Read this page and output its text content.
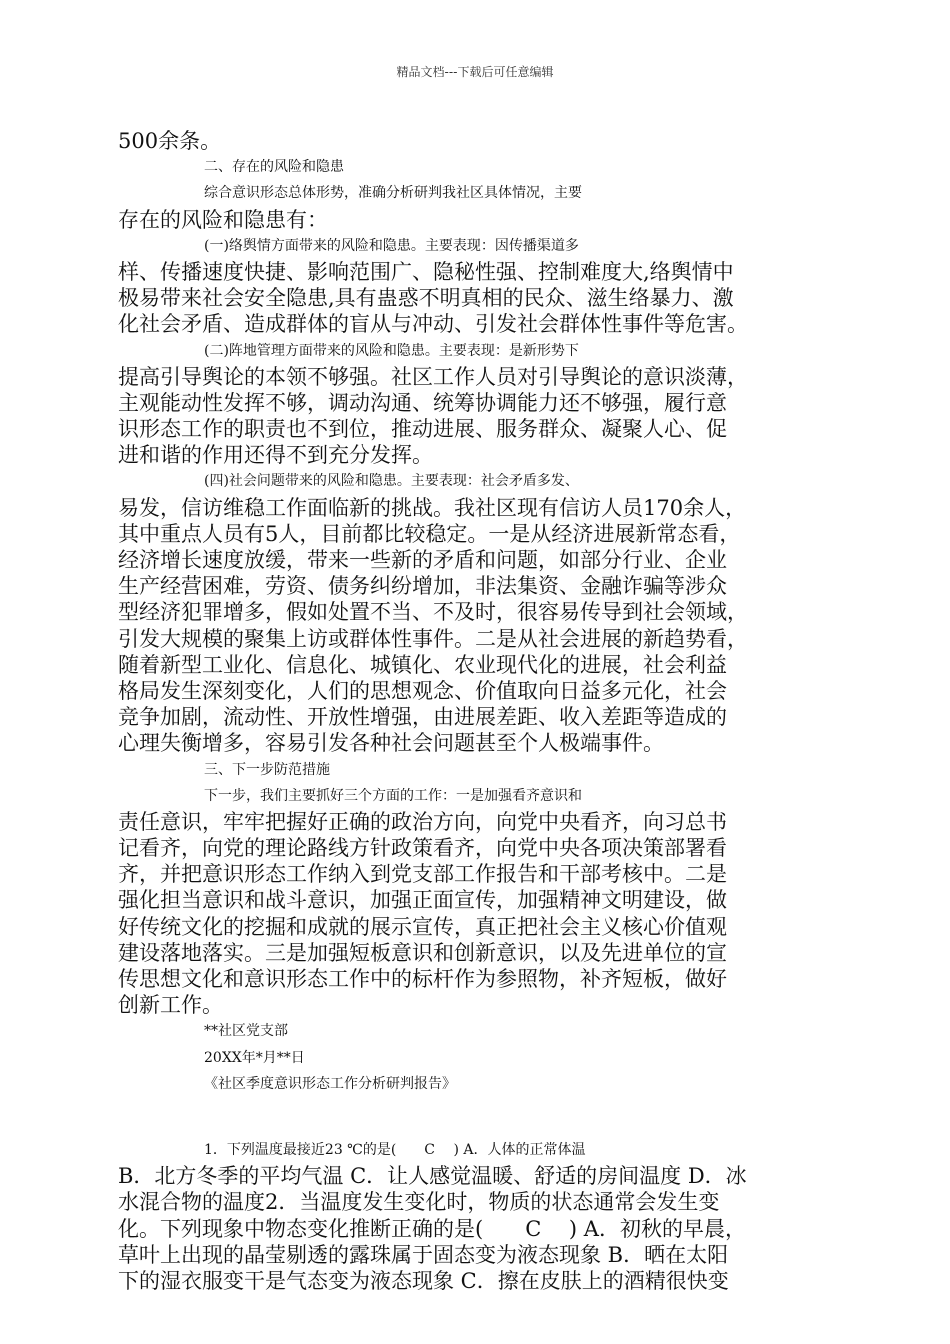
精品文档---下载后可任意编辑
500余条。
二、存在的风险和隐患
综合意识形态总体形势，准确分析研判我社区具体情况，主要
存在的风险和隐患有：
(一)络舆情方面带来的风险和隐患。主要表现：因传播渠道多
样、传播速度快捷、影响范围广、隐秘性强、控制难度大,络舆情中
极易带来社会安全隐患,具有蛊惑不明真相的民众、滋生络暴力、激
化社会矛盾、造成群体的盲从与冲动、引发社会群体性事件等危害。
(二)阵地管理方面带来的风险和隐患。主要表现：是新形势下
提高引导舆论的本领不够强。社区工作人员对引导舆论的意识淡薄，
主观能动性发挥不够，调动沟通、统筹协调能力还不够强，履行意
识形态工作的职责也不到位，推动进展、服务群众、凝聚人心、促
进和谐的作用还得不到充分发挥。
(四)社会问题带来的风险和隐患。主要表现：社会矛盾多发、
易发，信访维稳工作面临新的挑战。我社区现有信访人员170余人，
其中重点人员有5人，目前都比较稳定。一是从经济进展新常态看，
经济增长速度放缓，带来一些新的矛盾和问题，如部分行业、企业
生产经营困难，劳资、债务纠纷增加，非法集资、金融诈骗等涉众
型经济犯罪增多，假如处置不当、不及时，很容易传导到社会领域，
引发大规模的聚集上访或群体性事件。二是从社会进展的新趋势看，
随着新型工业化、信息化、城镇化、农业现代化的进展，社会利益
格局发生深刻变化，人们的思想观念、价值取向日益多元化，社会
竞争加剧，流动性、开放性增强，由进展差距、收入差距等造成的
心理失衡增多，容易引发各种社会问题甚至个人极端事件。
三、下一步防范措施
下一步，我们主要抓好三个方面的工作：一是加强看齐意识和
责任意识，牢牢把握好正确的政治方向，向党中央看齐，向习总书
记看齐，向党的理论路线方针政策看齐，向党中央各项决策部署看
齐，并把意识形态工作纳入到党支部工作报告和干部考核中。二是
强化担当意识和战斗意识，加强正面宣传，加强精神文明建设，做
好传统文化的挖掘和成就的展示宣传，真正把社会主义核心价值观
建设落地落实。三是加强短板意识和创新意识，以及先进单位的宣
传思想文化和意识形态工作中的标杆作为参照物，补齐短板，做好
创新工作。
**社区党支部
20XX年*月**日
《社区季度意识形态工作分析研判报告》
1．下列温度最接近23 ℃的是(　　C　 ) A．人体的正常体温
B．北方冬季的平均气温 C．让人感觉温暖、舒适的房间温度 D．冰
水混合物的温度2．当温度发生变化时，物质的状态通常会发生变
化。下列现象中物态变化推断正确的是(　　C　 ) A．初秋的早晨，
草叶上出现的晶莹剔透的露珠属于固态变为液态现象 B．晒在太阳
下的湿衣服变干是气态变为液态现象 C．擦在皮肤上的酒精很快变
